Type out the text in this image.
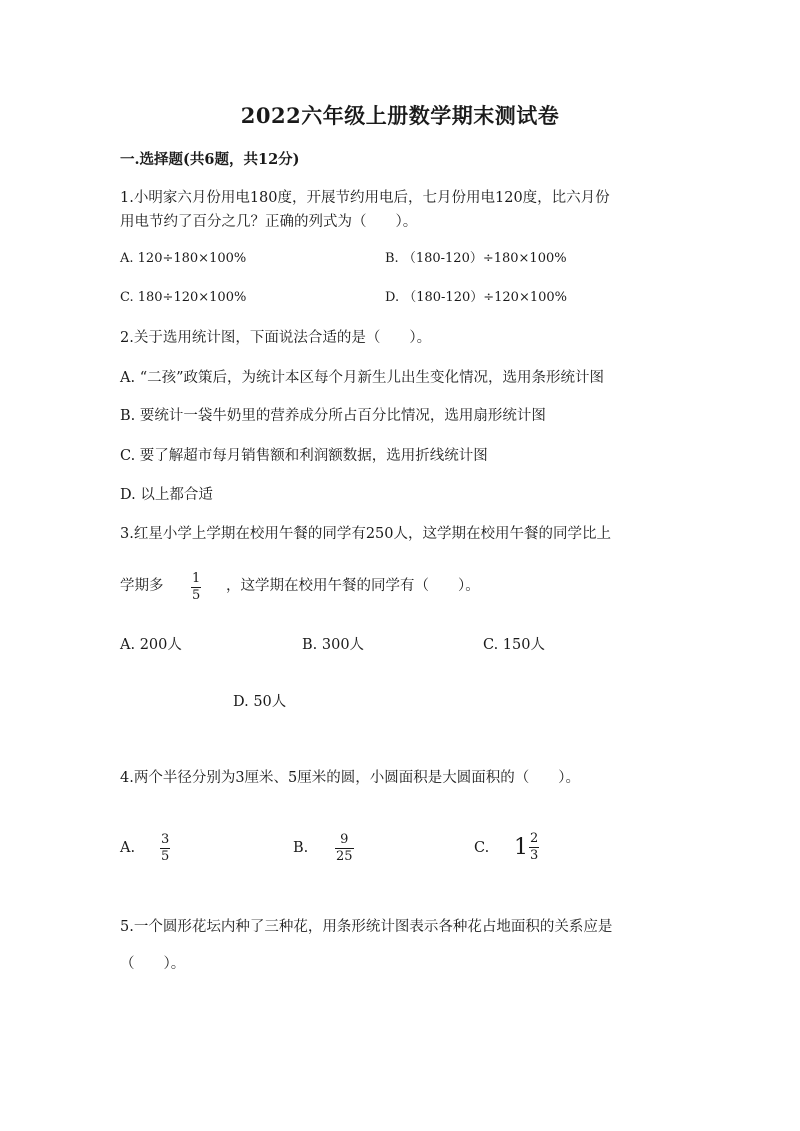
2022六年级上册数学期末测试卷
一.选择题(共6题，共12分)
1.小明家六月份用电180度，开展节约用电后，七月份用电120度，比六月份
用电节约了百分之几？正确的列式为（　　）。
A. 120÷180×100%	B. （180-120）÷180×100%
C. 180÷120×100%	D. （180-120）÷120×100%
2.关于选用统计图，下面说法合适的是（　　）。
A. “二孩”政策后，为统计本区每个月新生儿出生变化情况，选用条形统计图
B. 要统计一袋牛奶里的营养成分所占百分比情况，选用扇形统计图
C. 要了解超市每月销售额和利润额数据，选用折线统计图
D. 以上都合适
3.红星小学上学期在校用午餐的同学有250人，这学期在校用午餐的同学比上
学期多 1
5
，这学期在校用午餐的同学有（　　）。
A. 200人	B. 300人	C. 150人
D. 50人
4.两个半径分别为3厘米、5厘米的圆，小圆面积是大圆面积的（　　）。
A.
3
5
B.
9
25
C. $1 \frac{2}{3}$
5.一个圆形花坛内种了三种花，用条形统计图表示各种花占地面积的关系应是
（　　）。
